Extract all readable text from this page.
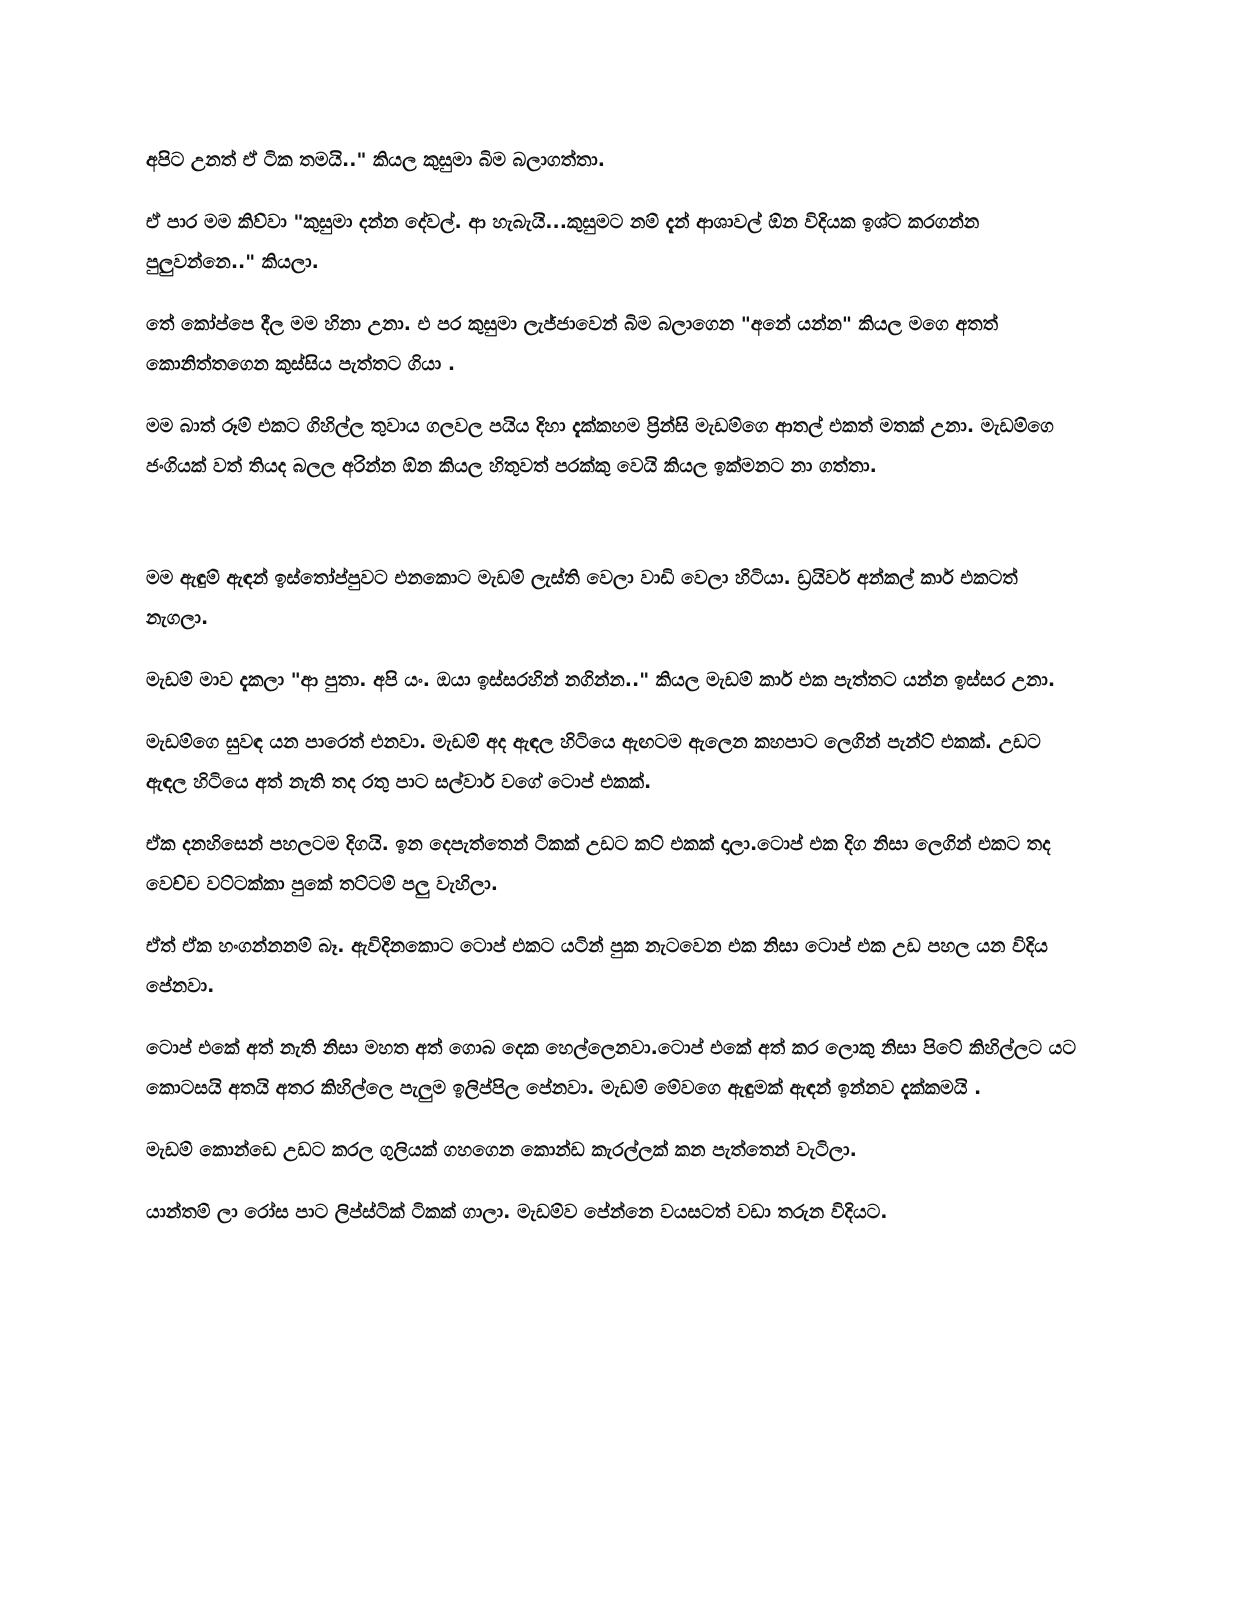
අපිට උනත් ඒ ටික තමයි.." කියල කුසුමා බිම බලාගත්තා.

ඒ පාර මම කිව්වා "කුසුමා දන්න දේවල්. ආ හැබැයි...කුසුමට නම් දැන් ආශාවල් ඕන විදියක ඉශ්ට කරගන්න පුලුවන්නෙ.." කියලා.

තේ කෝප්පෙ දීල මම හිනා උනා. එ පර කුසුමා ලැජ්ජාවෙන් බිම බලාගෙන "අනේ යන්න" කියල මගෙ අතත් කොනිත්තගෙන කුස්සිය පැත්තට ගියා .

මම බාත් රූම් එකට ගිහිල්ල තුවාය ගලවල පයිය දිහා දැක්කහම ප්‍රින්සි මැඩම්ගෙ ආතල් එකත් මතක් උනා. මැඩම්ගෙ ජංගියක් වත් තියද බලල අරින්න ඕන කියල හිතුවත් පරක්කු වෙයි කියල ඉක්මනට නා ගත්තා.

මම ඇඳුම් ඇඳන් ඉස්තෝප්පුවට එනකොට මැඩම් ලැස්ති වෙලා වාඩි වෙලා හිටියා. ඩ්‍රයිවර් අන්කල් කාර් එකටත් නැගලා.

මැඩම් මාව දැකලා "ආ පුතා. අපි යං. ඔයා ඉස්සරහින් නගින්න.." කියල මැඩම් කාර් එක පැත්තට යන්න ඉස්සර උනා.

මැඩම්ගෙ සුවඳ යන පාරෙත් එනවා. මැඩම් අද ඇඳල හිටියෙ ඇඟටම ඇලෙන කහපාට ලෙගින් පැන්ට් එකක්. උඩට ඇඳල හිටියෙ අත් නැති තද රතු පාට සල්වාර් වගේ ටොප් එකක්.

ඒක දනහිසෙන් පහලටම දිගයි. ඉන දෙපැත්තෙන් ටිකක් උඩට කට් එකක් දාලා.ටොප් එක දිග නිසා ලෙගින් එකට තද වෙච්ච වට්ටක්කා පුකේ තට්ටම් පලු වැහිලා.

ඒත් ඒක හංගන්නනම් බෑ. ඇවිදිනකොට ටොප් එකට යටින් පුක නැටවෙන එක නිසා ටොප් එක උඩ පහල යන විදිය පේනවා.

ටොප් එකේ අත් නැති නිසා මහත අත් ගොබ දෙක හෙල්ලෙනවා.ටොප් එකේ අත් කර ලොකු නිසා පිටේ කිහිල්ලට යට කොටසයි අතයි අතර කිහිල්ලෙ පැලුම ඉලිප්පිල පේනවා. මැඩම් මේවගෙ ඇඳුමක් ඇඳන් ඉන්නව දැක්කමයි .

මැඩම් කොන්ඩෙ උඩට කරල ගුලියක් ගහගෙන කොන්ඩ කැරල්ලක් කන පැත්තෙන් වැටිලා.

යාන්තම් ලා රෝස පාට ලිප්ස්ටික් ටිකක් ගාලා. මැඩම්ව පේන්නෙ වයසටත් වඩා තරුන විදියට.
